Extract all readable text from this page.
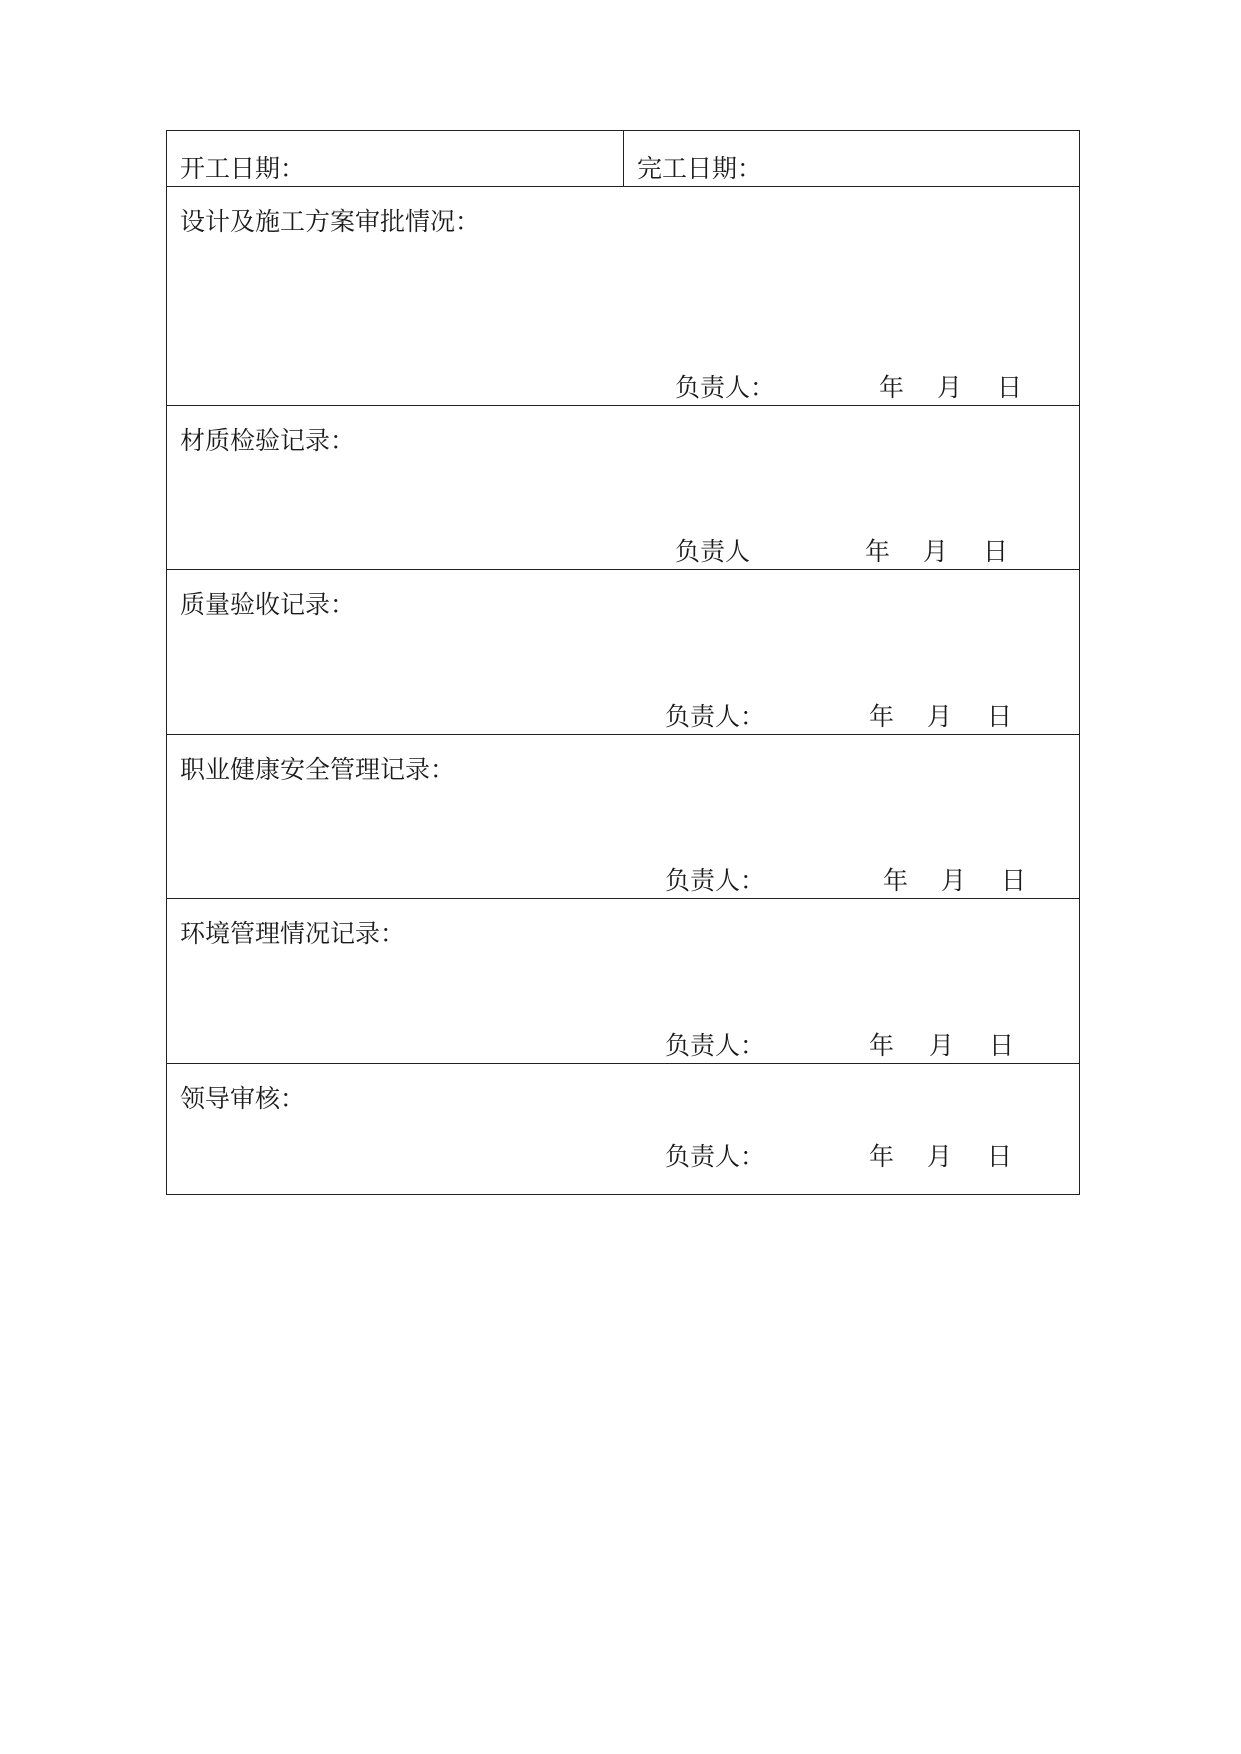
开工日期：	完工日期：
设计及施工方案审批情况：
负责人：	年 月 日
材质检验记录：
负责人	年 月 日
质量验收记录：
负责人：	年 月 日
职业健康安全管理记录：
负责人：	年 月 日
环境管理情况记录：
负责人：	年 月 日
领导审核：
负责人：	年 月 日
